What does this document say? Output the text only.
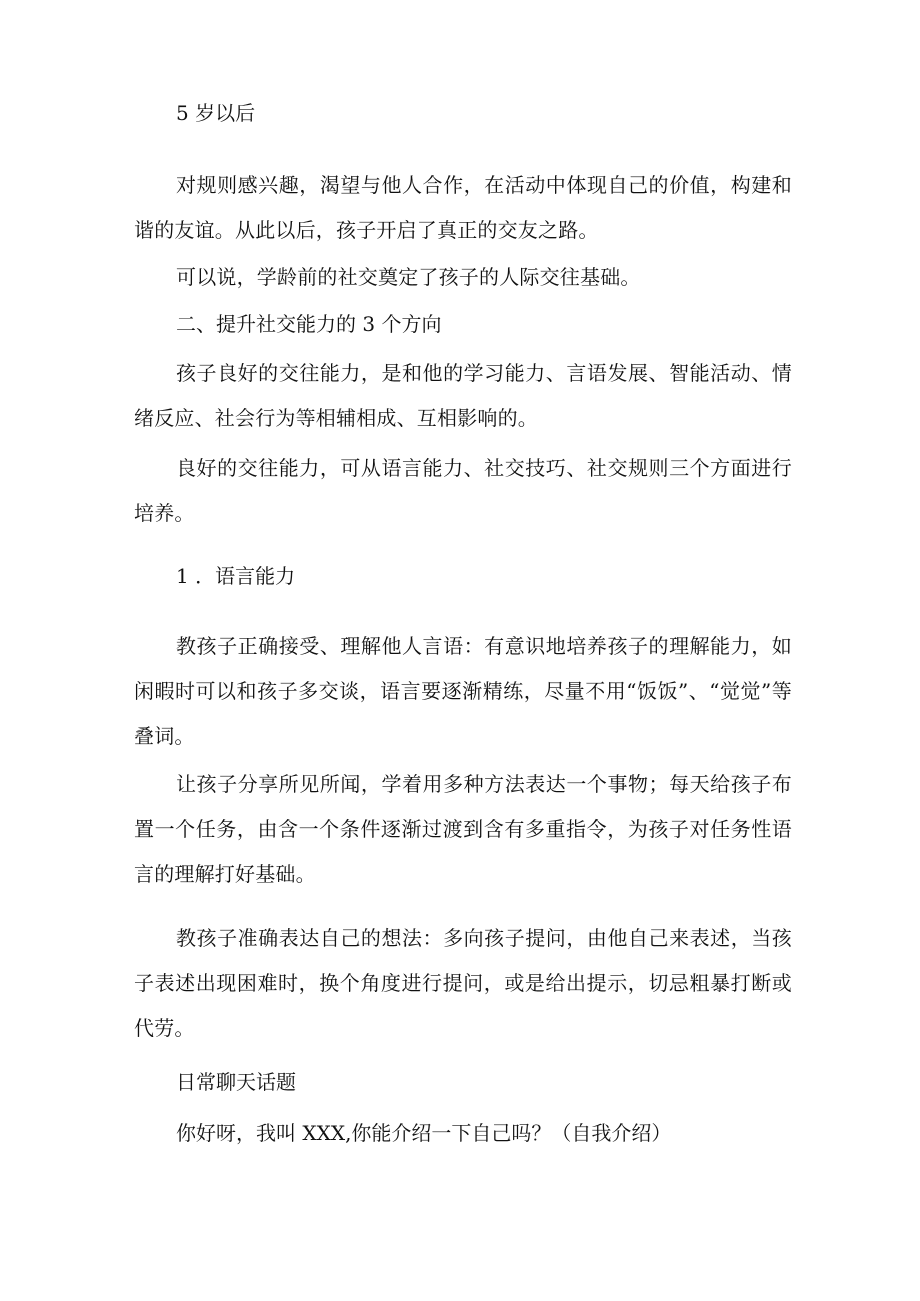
5 岁以后

对规则感兴趣，渴望与他人合作，在活动中体现自己的价值，构建和谐的友谊。从此以后，孩子开启了真正的交友之路。

可以说，学龄前的社交奠定了孩子的人际交往基础。

二、提升社交能力的 3 个方向

孩子良好的交往能力，是和他的学习能力、言语发展、智能活动、情绪反应、社会行为等相辅相成、互相影响的。

良好的交往能力，可从语言能力、社交技巧、社交规则三个方面进行培养。

1 ．语言能力

教孩子正确接受、理解他人言语：有意识地培养孩子的理解能力，如闲暇时可以和孩子多交谈，语言要逐渐精练，尽量不用“饭饭”、“觉觉”等叠词。

让孩子分享所见所闻，学着用多种方法表达一个事物；每天给孩子布置一个任务，由含一个条件逐渐过渡到含有多重指令，为孩子对任务性语言的理解打好基础。

教孩子准确表达自己的想法：多向孩子提问，由他自己来表述，当孩子表述出现困难时，换个角度进行提问，或是给出提示，切忌粗暴打断或代劳。

日常聊天话题

你好呀，我叫 XXX,你能介绍一下自己吗？（自我介绍）
